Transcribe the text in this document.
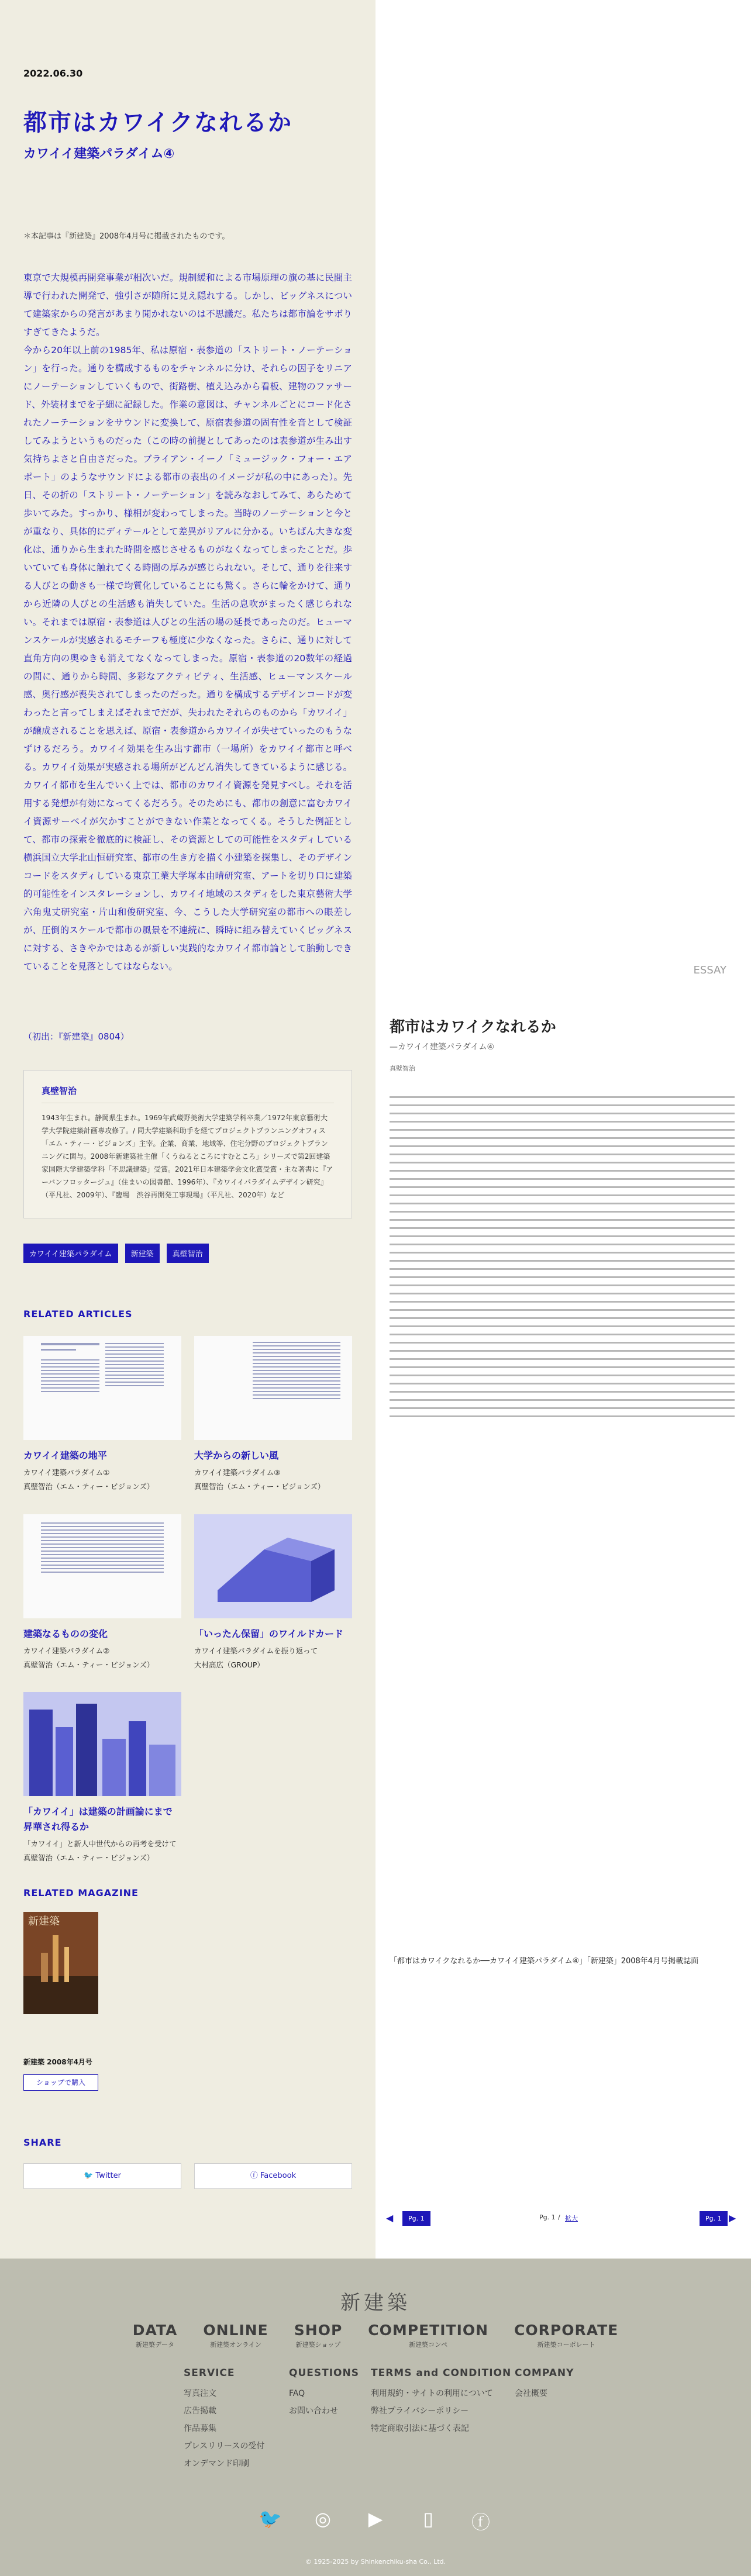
2022.06.30
都市はカワイクなれるか
カワイイ建築パラダイム④
＊本記事は『新建築』2008年4月号に掲載されたものです。
東京で大規模再開発事業が相次いだ。規制緩和による市場原理の旗の基に民間主導で行われた開発で、強引さが随所に見え隠れする。しかし、ビッグネスについて建築家からの発言があまり聞かれないのは不思議だ。私たちは都市論をサボりすぎてきたようだ。
今から20年以上前の1985年、私は原宿・表参道の「ストリート・ノーテーション」を行った。通りを構成するものをチャンネルに分け、それらの因子をリニアにノーテーションしていくもので、街路樹、植え込みから看板、建物のファサード、外装材までを子細に記録した。作業の意図は、チャンネルごとにコード化されたノーテーションをサウンドに変換して、原宿表参道の固有性を音として検証してみようというものだった（この時の前提としてあったのは表参道が生み出す気持ちよさと自由さだった。ブライアン・イーノ「ミュージック・フォー・エアポート」のようなサウンドによる都市の表出のイメージが私の中にあった）。先日、その折の「ストリート・ノーテーション」を読みなおしてみて、あらためて歩いてみた。すっかり、様相が変わってしまった。当時のノーテーションと今とが重なり、具体的にディテールとして差異がリアルに分かる。いちばん大きな変化は、通りから生まれた時間を感じさせるものがなくなってしまったことだ。歩いていても身体に触れてくる時間の厚みが感じられない。そして、通りを往来する人びとの動きも一様で均質化していることにも驚く。さらに輪をかけて、通りから近隣の人びとの生活感も消失していた。生活の息吹がまったく感じられない。それまでは原宿・表参道は人びとの生活の場の延長であったのだ。ヒューマンスケールが実感されるモチーフも極度に少なくなった。さらに、通りに対して直角方向の奥ゆきも消えてなくなってしまった。原宿・表参道の20数年の経過の間に、通りから時間、多彩なアクティビティ、生活感、ヒューマンスケール感、奥行感が喪失されてしまったのだった。通りを構成するデザインコードが変わったと言ってしまえばそれまでだが、失われたそれらのものから「カワイイ」が醸成されることを思えば、原宿・表参道からカワイイが失せていったのもうなずけるだろう。カワイイ効果を生み出す都市（一場所）をカワイイ都市と呼べる。カワイイ効果が実感される場所がどんどん消失してきているように感じる。カワイイ都市を生んでいく上では、都市のカワイイ資源を発見すべし。それを活用する発想が有効になってくるだろう。そのためにも、都市の創意に富むカワイイ資源サーベイが欠かすことができない作業となってくる。そうした例証として、都市の探索を徹底的に検証し、その資源としての可能性をスタディしている横浜国立大学北山恒研究室、都市の生き方を描く小建築を探集し、そのデザインコードをスタディしている東京工業大学塚本由晴研究室、アートを切り口に建築的可能性をインスタレーションし、カワイイ地域のスタディをした東京藝術大学六角鬼丈研究室・片山和俊研究室、今、こうした大学研究室の都市への眼差しが、圧倒的スケールで都市の風景を不連続に、瞬時に組み替えていくビッグネスに対する、さきやかではあるが新しい実践的なカワイイ都市論として胎動しできていることを見落としてはならない。
（初出：『新建築』0804）
真壁智治
1943年生まれ。静岡県生まれ。1969年武蔵野美術大学建築学科卒業／1972年東京藝術大学大学院建築計画専攻修了。/ 同大学建築科助手を経てプロジェクトプランニングオフィス「エム・ティー・ビジョンズ」主宰。企業、商業、地域等、住宅分野のプロジェクトプランニングに関与。2008年新建築社主催「くうねるところにすむところ」シリーズで第2回建築家国際大学建築学科「不思議建築」受賞。2021年日本建築学会文化賞受賞・主な著書に『アーバンフロッタージュ』（住まいの図書館、1996年）、『カワイイパラダイムデザイン研究』（平凡社、2009年）、『臨場　渋谷再開発工事現場』（平凡社、2020年）など
カワイイ建築パラダイム	新建築	真壁智治
RELATED ARTICLES
カワイイ建築の地平
カワイイ建築パラダイム①
真壁智治（エム・ティー・ビジョンズ）
大学からの新しい風
カワイイ建築パラダイム③
真壁智治（エム・ティー・ビジョンズ）
建築なるものの変化
カワイイ建築パラダイム②
真壁智治（エム・ティー・ビジョンズ）
「いったん保留」のワイルドカード
カワイイ建築パラダイムを振り返って
大村高広（GROUP）
「カワイイ」は建築の計画論にまで昇華され得るか
「カワイイ」と新人中世代からの再考を受けて
真壁智治（エム・ティー・ビジョンズ）
RELATED MAGAZINE
新建築
新建築 2008年4月号
ショップで購入
SHARE
🐦 Twitter	ⓕ Facebook
ESSAY
都市はカワイクなれるか
—カワイイ建築パラダイム④
真壁智治
「都市はカワイクなれるか──カワイイ建築パラダイム④」「新建築」2008年4月号掲載誌面
◀	Pg. 1	Pg. 1 / 拡大	Pg. 1 ▶
新建築
DATA
新建築データ
ONLINE
新建築オンライン
SHOP
新建築ショップ
COMPETITION
新建築コンペ
CORPORATE
新建築コーポレート
SERVICE
写真注文
広告掲載
作品募集
プレスリリースの受付
オンデマンド印刷
QUESTIONS
FAQ
お問い合わせ
TERMS and CONDITION
利用規約・サイトの利用について
弊社プライバシーポリシー
特定商取引法に基づく表記
COMPANY
会社概要
🐦 ◎ ▶	▯	ⓕ
© 1925-2025 by Shinkenchiku-sha Co., Ltd.
